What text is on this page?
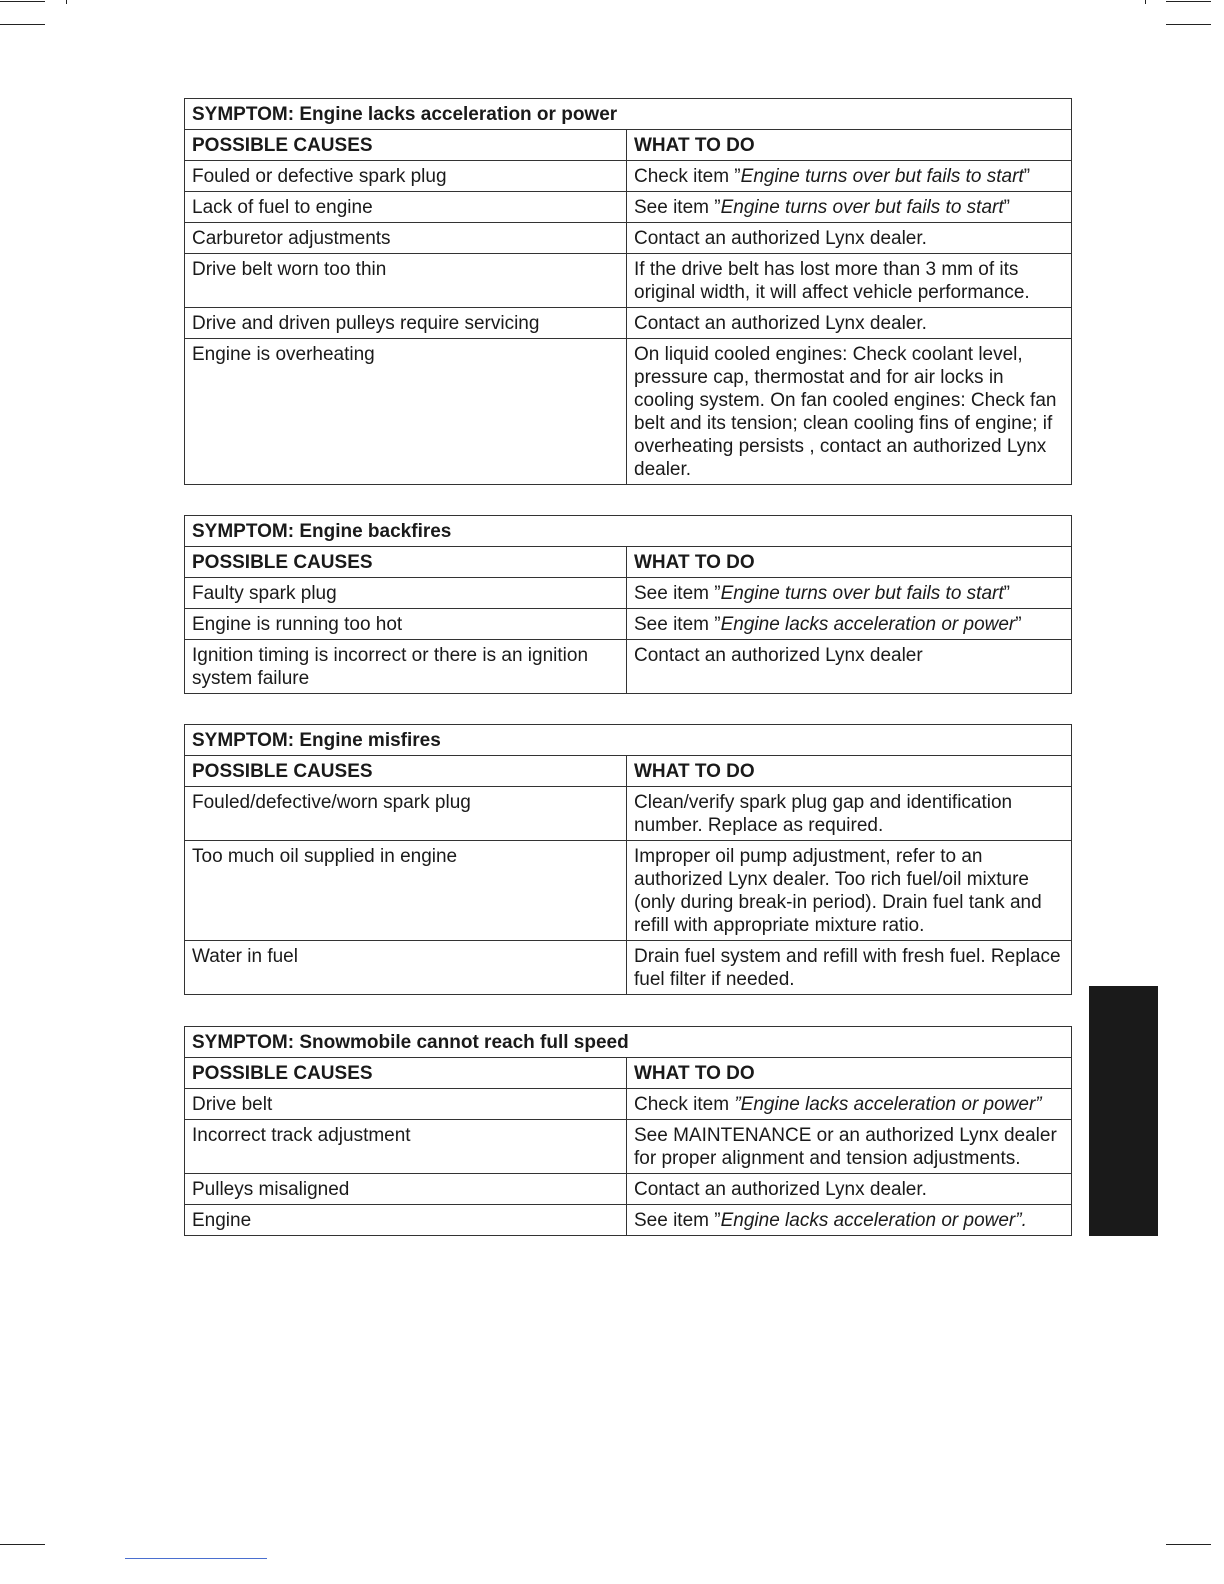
SYMPTOM: Engine lacks acceleration or power	
POSSIBLE CAUSES	WHAT TO DO
Fouled or defective spark plug	Check item ”Engine turns over but fails to start”
Lack of fuel to engine	See item ”Engine turns over but fails to start”
Carburetor adjustments	Contact an authorized Lynx dealer.
Drive belt worn too thin	If the drive belt has lost more than 3 mm of its original width, it will affect vehicle performance.
Drive and driven pulleys require servicing	Contact an authorized Lynx dealer.
Engine is overheating	On liquid cooled engines: Check coolant level, pressure cap, thermostat and for air locks in cooling system. On fan cooled engines: Check fan belt and its tension; clean cooling fins of engine; if overheating persists , contact an authorized Lynx dealer.
SYMPTOM: Engine backfires	
POSSIBLE CAUSES	WHAT TO DO
Faulty spark plug	See item ”Engine turns over but fails to start”
Engine is running too hot	See item ”Engine lacks acceleration or power”
Ignition timing is incorrect or there is an ignition system failure	Contact an authorized Lynx dealer
SYMPTOM: Engine misfires	
POSSIBLE CAUSES	WHAT TO DO
Fouled/defective/worn spark plug	Clean/verify spark plug gap and identification number. Replace as required.
Too much oil supplied in engine	Improper oil pump adjustment, refer to an authorized Lynx dealer. Too rich fuel/oil mixture (only during break-in period). Drain fuel tank and refill with appropriate mixture ratio.
Water in fuel	Drain fuel system and refill with fresh fuel. Replace fuel filter if needed.
SYMPTOM: Snowmobile cannot reach full speed	
POSSIBLE CAUSES	WHAT TO DO
Drive belt	Check item ”Engine lacks acceleration or power”
Incorrect track adjustment	See MAINTENANCE or an authorized Lynx dealer for proper alignment and tension adjustments.
Pulleys misaligned	Contact an authorized Lynx dealer.
Engine	See item ”Engine lacks acceleration or power”.
